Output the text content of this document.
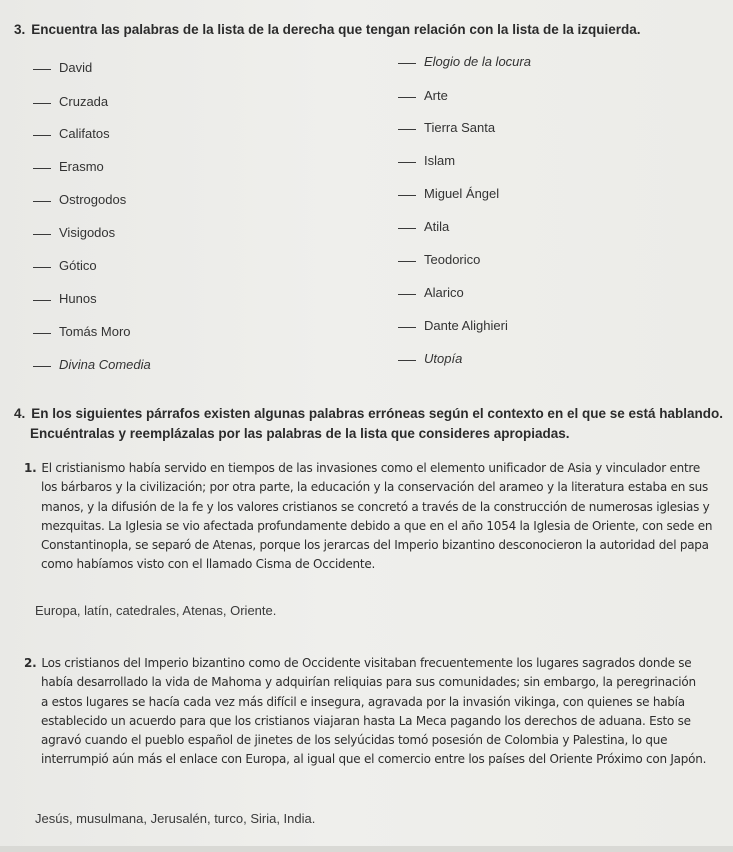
3. Encuentra las palabras de la lista de la derecha que tengan relación con la lista de la izquierda.
David
Cruzada
Califatos
Erasmo
Ostrogodos
Visigodos
Gótico
Hunos
Tomás Moro
Divina Comedia
Elogio de la locura
Arte
Tierra Santa
Islam
Miguel Ángel
Atila
Teodorico
Alarico
Dante Alighieri
Utopía
4. En los siguientes párrafos existen algunas palabras erróneas según el contexto en el que se está hablando.
Encuéntralas y reemplázalas por las palabras de la lista que consideres apropiadas.
1. El cristianismo había servido en tiempos de las invasiones como el elemento unificador de Asia y vinculador entre
los bárbaros y la civilización; por otra parte, la educación y la conservación del arameo y la literatura estaba en sus
manos, y la difusión de la fe y los valores cristianos se concretó a través de la construcción de numerosas iglesias y
mezquitas. La Iglesia se vio afectada profundamente debido a que en el año 1054 la Iglesia de Oriente, con sede en
Constantinopla, se separó de Atenas, porque los jerarcas del Imperio bizantino desconocieron la autoridad del papa
como habíamos visto con el llamado Cisma de Occidente.
Europa, latín, catedrales, Atenas, Oriente.
2. Los cristianos del Imperio bizantino como de Occidente visitaban frecuentemente los lugares sagrados donde se
había desarrollado la vida de Mahoma y adquirían reliquias para sus comunidades; sin embargo, la peregrinación
a estos lugares se hacía cada vez más difícil e insegura, agravada por la invasión vikinga, con quienes se había
establecido un acuerdo para que los cristianos viajaran hasta La Meca pagando los derechos de aduana. Esto se
agravó cuando el pueblo español de jinetes de los selyúcidas tomó posesión de Colombia y Palestina, lo que
interrumpió aún más el enlace con Europa, al igual que el comercio entre los países del Oriente Próximo con Japón.
Jesús, musulmana, Jerusalén, turco, Siria, India.
